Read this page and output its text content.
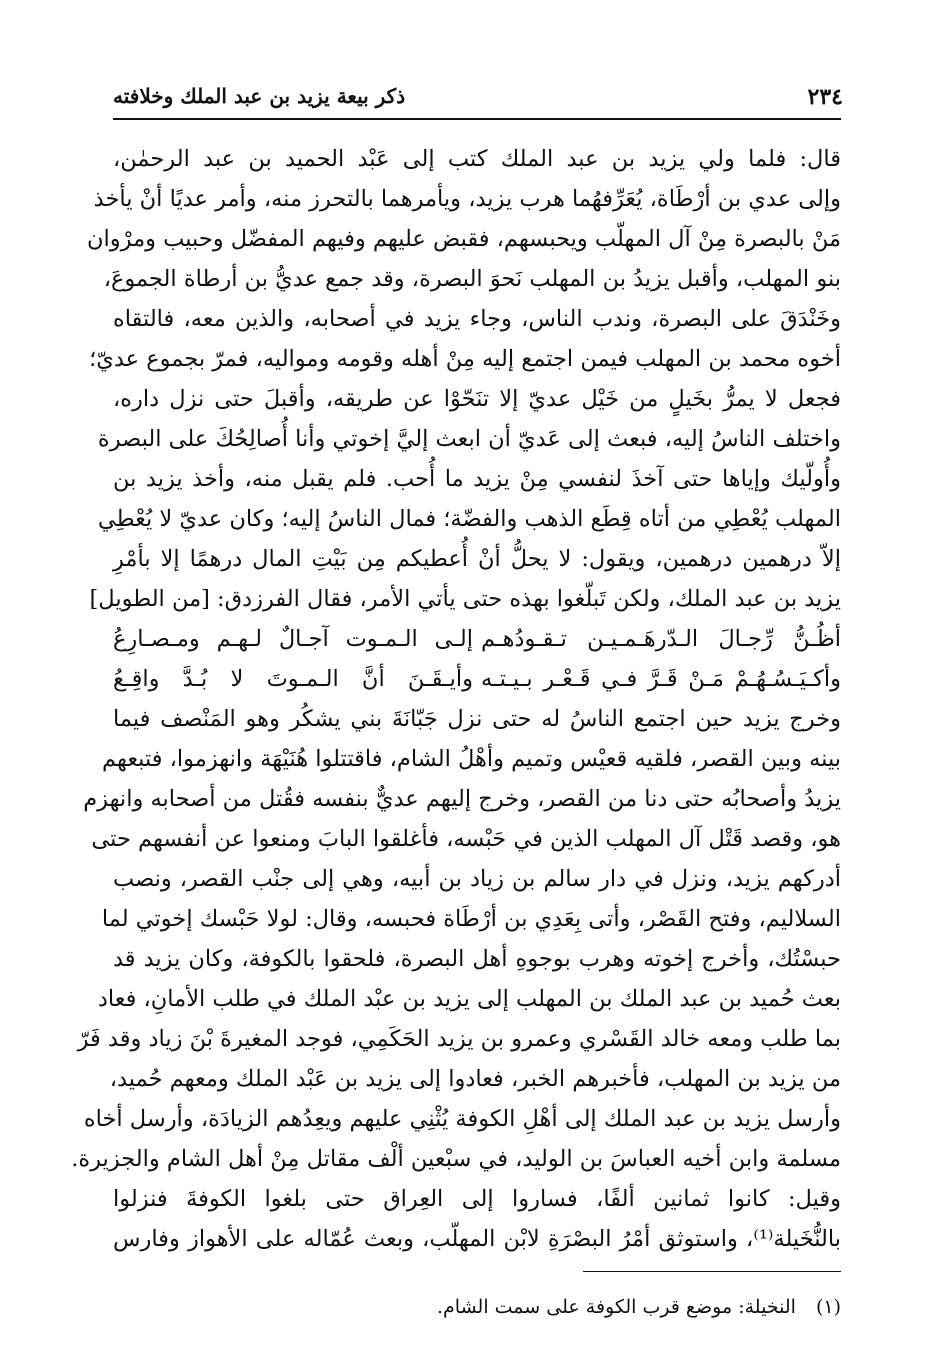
٢٣٤
ذكر بيعة يزيد بن عبد الملك وخلافته
قال: فلما ولي يزيد بن عبد الملك كتب إلى عَبْد الحميد بن عبد الرحمٰن،
وإلى عدي بن أرْطَاة، يُعَرِّفهُما هرب يزيد، ويأمرهما بالتحرز منه، وأمر عديًا أنْ يأخذ
مَنْ بالبصرة مِنْ آل المهلّب ويحبسهم، فقبض عليهم وفيهم المفضّل وحبيب ومرْوان
بنو المهلب، وأقبل يزيدُ بن المهلب نَحوَ البصرة، وقد جمع عديُّ بن أرطاة الجموعَ،
وخَنْدَقَ على البصرة، وندب الناس، وجاء يزيد في أصحابه، والذين معه، فالتقاه
أخوه محمد بن المهلب فيمن اجتمع إليه مِنْ أهله وقومه ومواليه، فمرّ بجموع عديّ؛
فجعل لا يمرُّ بخَيلٍ من خَيْل عديّ إلا تنَحّوْا عن طريقه، وأقبلَ حتى نزل داره،
واختلف الناسُ إليه، فبعث إلى عَديّ أن ابعث إليَّ إخوتي وأنا أُصالِحُكَ على البصرة
وأُولّيك وإياها حتى آخذَ لنفسي مِنْ يزيد ما أُحب. فلم يقبل منه، وأخذ يزيد بن
المهلب يُعْطِي من أتاه قِطَع الذهب والفضّة؛ فمال الناسُ إليه؛ وكان عديّ لا يُعْطِي
إلاّ درهمين درهمين، ويقول: لا يحلُّ أنْ أُعطيكم مِن بَيْتِ المال درهمًا إلا بأمْرِ
يزيد بن عبد الملك، ولكن تَبلّغوا بهذه حتى يأتي الأمر، فقال الفرزدق: [من الطويل]
أظُـنُّ رِّجـالَ الـدّرهَـمـيـن تـقـودُهـم
إلـى الـمـوت آجـالٌ لـهـم ومـصـارِعُ
وأكـيَـسُـهُـمْ مَـنْ قَـرَّ فـي قَـعْـر بـيـتـه
وأيـقَـنَ أنَّ الـمـوتَ لا بُـدَّ واقِـعُ
وخرج يزيد حين اجتمع الناسُ له حتى نزل جَبّانَةَ بني يشكُر وهو المَنْصف فيما
بينه وبين القصر، فلقيه قعيْس وتميم وأهْلُ الشام، فاقتتلوا هُنَيْهَة وانهزموا، فتبعهم
يزيدُ وأصحابُه حتى دنا من القصر، وخرج إليهم عديٌّ بنفسه فقُتل من أصحابه وانهزم
هو، وقصد قَتْل آل المهلب الذين في حَبْسه، فأغلقوا البابَ ومنعوا عن أنفسهم حتى
أدركهم يزيد، ونزل في دار سالم بن زياد بن أبيه، وهي إلى جنْب القصر، ونصب
السلاليم، وفتح القَصْر، وأتى بِعَدِي بن أرْطَاة فحبسه، وقال: لولا حَبْسك إخوتي لما
حبسْتُك، وأخرج إخوته وهرب بوجوهِ أهل البصرة، فلحقوا بالكوفة، وكان يزيد قد
بعث حُميد بن عبد الملك بن المهلب إلى يزيد بن عبْد الملك في طلب الأمانِ، فعاد
بما طلب ومعه خالد القَسْري وعمرو بن يزيد الحَكَمِي، فوجد المغيرةَ بْنَ زياد وقد فَرّ
من يزيد بن المهلب، فأخبرهم الخبر، فعادوا إلى يزيد بن عَبْد الملك ومعهم حُميد،
وأرسل يزيد بن عبد الملك إلى أهْلِ الكوفة يُثْنِي عليهم ويعِدُهم الزيادَة، وأرسل أخاه
مسلمة وابن أخيه العباسَ بن الوليد، في سبْعين ألْف مقاتل مِنْ أهل الشام والجزيرة.
وقيل: كانوا ثمانين ألفًا، فساروا إلى العِراق حتى بلغوا الكوفةَ فنزلوا
بالنُّخَيلة⁽¹⁾، واستوثق أمْرُ البصْرَةِ لابْن المهلّب، وبعث عُمّاله على الأهواز وفارس
(١) النخيلة: موضع قرب الكوفة على سمت الشام.
